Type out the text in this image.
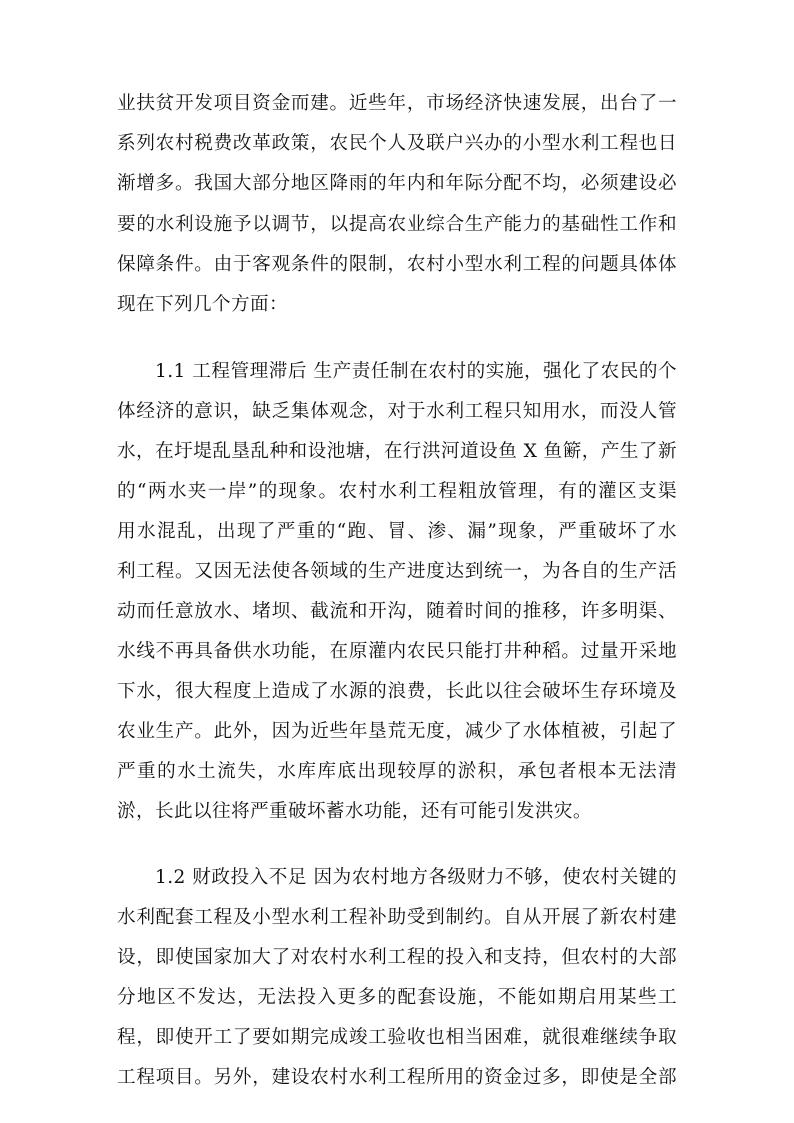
业扶贫开发项目资金而建。近些年，市场经济快速发展，出台了一
系列农村税费改革政策，农民个人及联户兴办的小型水利工程也日
渐增多。我国大部分地区降雨的年内和年际分配不均，必须建设必
要的水利设施予以调节，以提高农业综合生产能力的基础性工作和
保障条件。由于客观条件的限制，农村小型水利工程的问题具体体
现在下列几个方面：
1.1 工程管理滞后 生产责任制在农村的实施，强化了农民的个
体经济的意识，缺乏集体观念，对于水利工程只知用水，而没人管
水，在圩堤乱垦乱种和设池塘，在行洪河道设鱼 X 鱼簖，产生了新
的“两水夹一岸”的现象。农村水利工程粗放管理，有的灌区支渠
用水混乱，出现了严重的“跑、冒、渗、漏”现象，严重破坏了水
利工程。又因无法使各领域的生产进度达到统一，为各自的生产活
动而任意放水、堵坝、截流和开沟，随着时间的推移，许多明渠、
水线不再具备供水功能，在原灌内农民只能打井种稻。过量开采地
下水，很大程度上造成了水源的浪费，长此以往会破坏生存环境及
农业生产。此外，因为近些年垦荒无度，减少了水体植被，引起了
严重的水土流失，水库库底出现较厚的淤积，承包者根本无法清
淤，长此以往将严重破坏蓄水功能，还有可能引发洪灾。
1.2 财政投入不足 因为农村地方各级财力不够，使农村关键的
水利配套工程及小型水利工程补助受到制约。自从开展了新农村建
设，即使国家加大了对农村水利工程的投入和支持，但农村的大部
分地区不发达，无法投入更多的配套设施，不能如期启用某些工
程，即使开工了要如期完成竣工验收也相当困难，就很难继续争取
工程项目。另外，建设农村水利工程所用的资金过多，即使是全部
